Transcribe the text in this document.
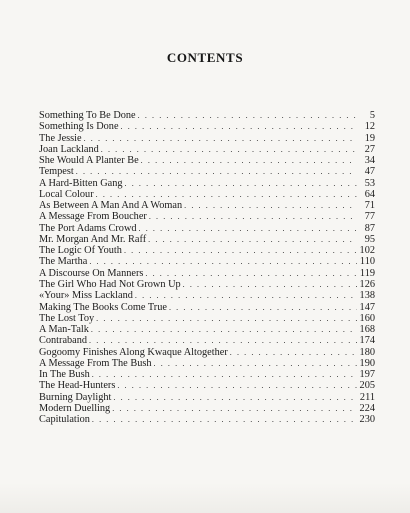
CONTENTS
Something To Be Done . . .	5
Something Is Done . . .	12
The Jessie . . .	19
Joan Lackland . . .	27
She Would A Planter Be . . .	34
Tempest . . .	47
A Hard-Bitten Gang . . .	53
Local Colour . . .	64
As Between A Man And A Woman . . .	71
A Message From Boucher . . .	77
The Port Adams Crowd . . .	87
Mr. Morgan And Mr. Raff . . .	95
The Logic Of Youth . . .	102
The Martha . . .	110
A Discourse On Manners . . .	119
The Girl Who Had Not Grown Up . . .	126
«Your» Miss Lackland . . .	138
Making The Books Come True . . .	147
The Lost Toy . . .	160
A Man-Talk . . .	168
Contraband . . .	174
Gogoomy Finishes Along Kwaque Altogether . . .	180
A Message From The Bush . . .	190
In The Bush . . .	197
The Head-Hunters . . .	205
Burning Daylight . . .	211
Modern Duelling . . .	224
Capitulation . . .	230
